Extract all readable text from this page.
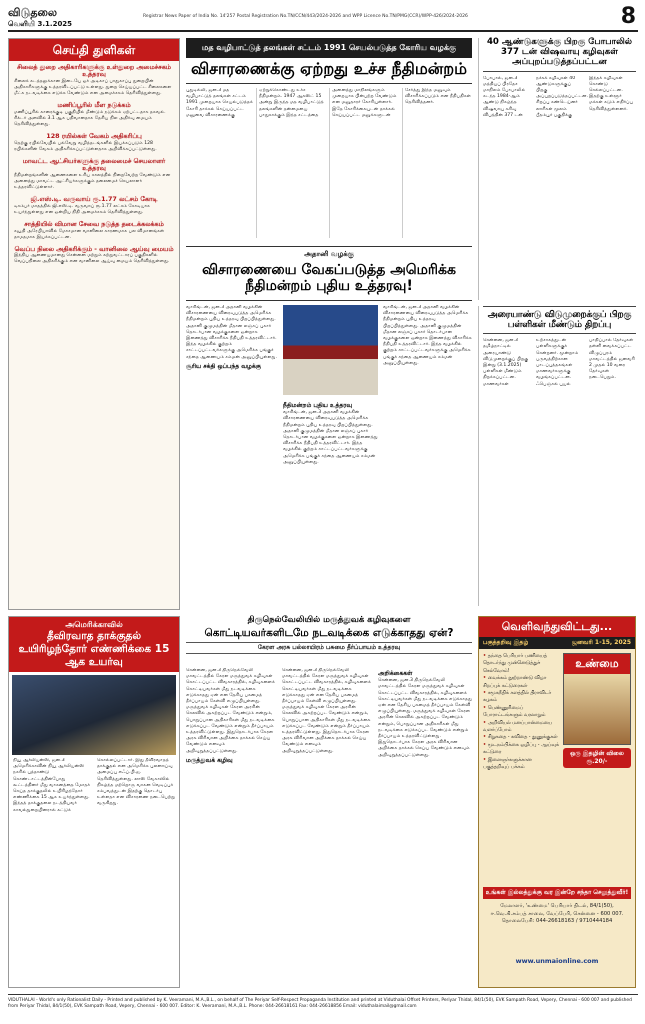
விடுதலை
வெளியி 3.1.2025
Registrar News Paper of India No. 14'257 Postal Registration No.TN/CCN/443/2024-2026 and WPP Licence No.TN/PMG(CCR)/WPP-426/2024-2026	8
செய்தி துளிகள்
சிலைத் துறை அதிகாரிகளுக்கு உள்துறை அமைச்சகம் உத்தரவு
சிலைக் கடத்தலுக்கான இடையே ஓர் அடிகாப் பாதுகாப்பு துறையின் அதிகாரிகளுக்கு உத்தரவிடப்பட்டு உள்ளது. துறை செய்யப்பட்ட சிலைகளை மீட்க நடவடிக்கை எடுக்க வேண்டும் என அமைச்சகம் தெரிவித்துள்ளது.
மணிப்பூரில் மீள நடுக்கம்
மணிப்பூரில் காரைக்குடி பகுதியில் மீண்டும் நடுக்கம் ஏற்பட்டதாக தகவல். ரிக்டர் அளவில் 3.1 ஆக பதிவானதாக தேசிய நில அதிர்வு மையம் தெரிவித்துள்ளது.
128 ரயில்கள் வேகம் அதிகரிப்பு
தெற்கு ரயில்வேயில் பல்வேறு வழித்தடங்களில் இயக்கப்படும் 128 ரயில்களின் வேகம் அதிகரிக்கப்பட்டுள்ளதாக அறிவிக்கப்பட்டுள்ளது.
மாவட்ட ஆட்சியர்களுக்கு தலைமைச் செயலாளர் உத்தரவு
நீதிமன்றங்களின் ஆணைகளை உரிய காலத்தில் நிறைவேற்ற வேண்டும் என அனைத்து மாவட்ட ஆட்சியர்களுக்கும் தலைமைச் செயலாளர் உத்தரவிட்டுள்ளார்.
ஜி.எஸ்.டி. வருவாய் ரூ.1.77 லட்சம் கோடி
டிசம்பர் மாதத்தில் ஜி.எஸ்.டி. வருவாய் ரூ.1.77 லட்சம் கோடியாக உயர்ந்துள்ளது என ஒன்றிய நிதி அமைச்சகம் தெரிவித்துள்ளது.
சாத்தியில் விமான சேவை நடுத்த தடைக்கலக்கம்
சவூதி அரேபியாவில் மோசமான வானிலை காரணமாக பல விமானங்கள் தாமதமாக இயக்கப்பட்டன.
வெப்ப நிலை அதிகரிக்கும் - வானிலை ஆய்வு மையம்
இந்திய ஆணையமானது சென்னை மற்றும் சுற்றுவட்டாரப் பகுதிகளில் வெப்பநிலை அதிகரிக்கும் என வானிலை ஆய்வு மையம் தெரிவித்துள்ளது.
மத வழிபாட்டுத் தலங்கள் சட்டம் 1991 செயல்படுத்த கோரிய வழக்கு
விசாரணைக்கு ஏற்றது உச்ச நீதிமன்றம்
புதுடில்லி, ஜன.3 மத வழிபாட்டுத் தலங்கள் சட்டம் 1991 முறையாக செயல்படுத்தக் கோரி தாக்கல் செய்யப்பட்ட மனுவை விசாரணைக்கு ஏற்றுக்கொண்டது உச்ச நீதிமன்றம். 1947 ஆகஸ்ட் 15 அன்று இருந்த மத வழிபாட்டுத் தலங்களின் தன்மையை பாதுகாக்கும் இந்த சட்டத்தை அனைத்து மாநிலங்களும் முறையாக பின்பற்ற வேண்டும் என மனுதாரர் கோரியுள்ளார். இதே கோரிக்கையுடன் தாக்கல் செய்யப்பட்ட மனுக்களுடன் சேர்த்து இந்த மனுவும் விசாரிக்கப்படும் என நீதிபதிகள் தெரிவித்தனர்.
40 ஆண்டுகளுக்கு பிறகு போபாலில் 377 டன் விஷவாயு கழிவுகள் அப்புறப்படுத்தப்பட்டன
போபால், ஜன.3 மத்தியப் பிரதேச மாநிலம் போபாலில் கடந்த 1984-ஆம் ஆண்டு நிகழ்ந்த விஷவாயு கசிவு விபத்தின் 377 டன் நச்சுக் கழிவுகள் 40 ஆண்டுகளுக்குப் பிறகு அப்புறப்படுத்தப்பட்டன. சிறப்பு கண்டெய்னர் லாரிகள் மூலம் பீதம்பூர் பகுதிக்கு இந்தக் கழிவுகள் கொண்டு செல்லப்பட்டன. இதற்கு உள்ளூர் மக்கள் கடும் எதிர்ப்பு தெரிவித்துள்ளனர்.
அதானி வழக்கு
விசாரணையை வேகப்படுத்த அமெரிக்க நீதிமன்றம் புதிய உத்தரவு!
வாசிங்டன், ஜன.3 அதானி வழக்கின் விசாரணையை விரைவுபடுத்த அமெரிக்க நீதிமன்றம் புதிய உத்தரவு பிறப்பித்துள்ளது. அதானி குழுமத்தின் மீதான லஞ்சப் புகார் தொடர்பான வழக்குகளை ஒன்றாக இணைத்து விசாரிக்க நீதிபதி உத்தரவிட்டார். இந்த வழக்கில் குற்றம் சாட்டப்பட்டவர்களுக்கு அமெரிக்க பங்குச் சந்தை ஆணையம் சம்மன் அனுப்பியுள்ளது.
சூரிய சக்தி ஒப்பந்த வழக்கு
நீதிமன்றம் புதிய உத்தரவு
வாசிங்டன், ஜன.3 அதானி வழக்கின் விசாரணையை விரைவுபடுத்த அமெரிக்க நீதிமன்றம் புதிய உத்தரவு பிறப்பித்துள்ளது. அதானி குழுமத்தின் மீதான லஞ்சப் புகார் தொடர்பான வழக்குகளை ஒன்றாக இணைத்து விசாரிக்க நீதிபதி உத்தரவிட்டார். இந்த வழக்கில் குற்றம் சாட்டப்பட்டவர்களுக்கு அமெரிக்க பங்குச் சந்தை ஆணையம் சம்மன் அனுப்பியுள்ளது.
வாசிங்டன், ஜன.3 அதானி வழக்கின் விசாரணையை விரைவுபடுத்த அமெரிக்க நீதிமன்றம் புதிய உத்தரவு பிறப்பித்துள்ளது. அதானி குழுமத்தின் மீதான லஞ்சப் புகார் தொடர்பான வழக்குகளை ஒன்றாக இணைத்து விசாரிக்க நீதிபதி உத்தரவிட்டார். இந்த வழக்கில் குற்றம் சாட்டப்பட்டவர்களுக்கு அமெரிக்க பங்குச் சந்தை ஆணையம் சம்மன் அனுப்பியுள்ளது.
அரையாண்டு விடுமுறைக்குப் பிறகு பள்ளிகள் மீண்டும் திறப்பு
சென்னை, ஜன.3 தமிழ்நாட்டில் அரையாண்டு விடுமுறைக்குப் பிறகு இன்று (3.1.2025) பள்ளிகள் மீண்டும் திறக்கப்பட்டன. மாணவர்கள் உற்சாகத்துடன் பள்ளிகளுக்குச் சென்றனர். மூன்றாம் பருவத்திற்கான பாடப்புத்தகங்கள் மாணவர்களுக்கு வழங்கப்பட்டன. ஃபெஞ்சல் புயல் பாதிப்பால் தேர்வுகள் தள்ளி வைக்கப்பட்ட விழுப்புரம் மாவட்டத்தில் ஜனவரி 2 முதல் 10 வரை தேர்வுகள் நடைபெறும்.
அமெரிக்காவில்
தீவிரவாத தாக்குதல் உயிரிழந்தோர் எண்ணிக்கை 15 ஆக உயர்வு
நியூ ஆர்லியன்ஸ், ஜன.3 அமெரிக்காவின் நியூ ஆர்லியன்ஸ் நகரில் புத்தாண்டு கொண்டாட்டத்தின்போது கூட்டத்தினர் மீது வாகனத்தை மோதச் செய்த தாக்குதலில் உயிரிழந்தோர் எண்ணிக்கை 15 ஆக உயர்ந்துள்ளது. இந்தத் தாக்குதலை நடத்தியவர் காவல்துறையினரால் சுட்டுக் கொல்லப்பட்டார். இது தீவிரவாதத் தாக்குதல் என அமெரிக்க புலனாய்வு அமைப்பு எஃப்.பி.ஐ. தெரிவித்துள்ளது. லாஸ் வேகாஸில் நிகழ்ந்த மற்றொரு வாகன வெடிப்புச் சம்பவத்துடன் இதற்கு தொடர்பு உள்ளதா என விசாரணை நடைபெற்று வருகிறது.
திருநெல்வேலியில் மருத்துவக் கழிவுகளை
கொட்டியவர்களிடமே நடவடிக்கை எடுக்காதது ஏன்?
கேரள அரசு பல்லாயிரம் பசுமை தீர்ப்பாயம் உத்தரவு
சென்னை, ஜன.3 திருநெல்வேலி மாவட்டத்தில் கேரள மருத்துவக் கழிவுகள் கொட்டப்பட்ட விவகாரத்தில், கழிவுகளைக் கொட்டியவர்கள் மீது நடவடிக்கை எடுக்காதது ஏன் என தேசிய பசுமைத் தீர்ப்பாயம் கேள்வி எழுப்பியுள்ளது. மருத்துவக் கழிவுகள் கேரள அரசின் செலவில் அகற்றப்பட வேண்டும் என்றும், பொறுப்பான அதிகாரிகள் மீது நடவடிக்கை எடுக்கப்பட வேண்டும் என்றும் தீர்ப்பாயம் உத்தரவிட்டுள்ளது. இதுதொடர்பாக கேரள அரசு விரிவான அறிக்கை தாக்கல் செய்ய வேண்டும் எனவும் அறிவுறுத்தப்பட்டுள்ளது.
மருத்துவக் கழிவு
சென்னை, ஜன.3 திருநெல்வேலி மாவட்டத்தில் கேரள மருத்துவக் கழிவுகள் கொட்டப்பட்ட விவகாரத்தில், கழிவுகளைக் கொட்டியவர்கள் மீது நடவடிக்கை எடுக்காதது ஏன் என தேசிய பசுமைத் தீர்ப்பாயம் கேள்வி எழுப்பியுள்ளது. மருத்துவக் கழிவுகள் கேரள அரசின் செலவில் அகற்றப்பட வேண்டும் என்றும், பொறுப்பான அதிகாரிகள் மீது நடவடிக்கை எடுக்கப்பட வேண்டும் என்றும் தீர்ப்பாயம் உத்தரவிட்டுள்ளது. இதுதொடர்பாக கேரள அரசு விரிவான அறிக்கை தாக்கல் செய்ய வேண்டும் எனவும் அறிவுறுத்தப்பட்டுள்ளது.
அறிக்கைகள்
சென்னை, ஜன.3 திருநெல்வேலி மாவட்டத்தில் கேரள மருத்துவக் கழிவுகள் கொட்டப்பட்ட விவகாரத்தில், கழிவுகளைக் கொட்டியவர்கள் மீது நடவடிக்கை எடுக்காதது ஏன் என தேசிய பசுமைத் தீர்ப்பாயம் கேள்வி எழுப்பியுள்ளது. மருத்துவக் கழிவுகள் கேரள அரசின் செலவில் அகற்றப்பட வேண்டும் என்றும், பொறுப்பான அதிகாரிகள் மீது நடவடிக்கை எடுக்கப்பட வேண்டும் என்றும் தீர்ப்பாயம் உத்தரவிட்டுள்ளது. இதுதொடர்பாக கேரள அரசு விரிவான அறிக்கை தாக்கல் செய்ய வேண்டும் எனவும் அறிவுறுத்தப்பட்டுள்ளது.
வெளிவந்துவிட்டது...
பகுத்தறிவு இதழ்	ஜனவரி 1-15, 2025
• தந்தை பெரியார் பணியைத் தொடர்ந்து முன்னெடுத்துச் செல்வோம்!
• வைக்கம் நூற்றாண்டு விழா சிறப்புக் கட்டுரைகள்
• சமூகநீதிக் களத்தில் திராவிடர் கழகம்
• பெண்ணுரிமைப் போராட்டங்களும் வரலாறும்
• அறிவியல் மனப்பான்மையை வளர்ப்போம்
• சிறுகதை - கவிதை - துணுக்குகள்
• மூடநம்பிக்கை ஒழிப்பு - ஆய்வுக் கட்டுரை
• இளைஞர்களுக்கான பகுத்தறிவுப் பக்கம்
உண்மை
ஒரு இதழின் விலை ரூ.20/-
உங்கள் இல்லத்துக்கு வர இன்றே சந்தா செலுத்துவீர்!
மேலாளர், 'உண்மை' பெரியார் திடல், 84/1(50), ஈ.வெ.கி.சம்பத் சாலை, வேப்பேரி, சென்னை - 600 007. தொலைபேசி: 044-26618163 / 9710444184
www.unmaionline.com
VIDUTHALAI - World's only Rationalist Daily - Printed and published by K. Veeramani, M.A.,B.L., on behalf of The Periyar Self-Respect Propaganda Institution and printed at Viduthalai Offset Printers, Periyar Thidal, 84/1(50), EVK Sampath Road, Vepery, Chennai - 600 007 and published from Periyar Thidal, 84/1(50), EVK Sampath Road, Vepery, Chennai - 600 007. Editor: K. Veeramani, M.A.,B.L. Phone: 044-26618161 Fax: 044-26618856 Email: viduthalaimail@gmail.com
